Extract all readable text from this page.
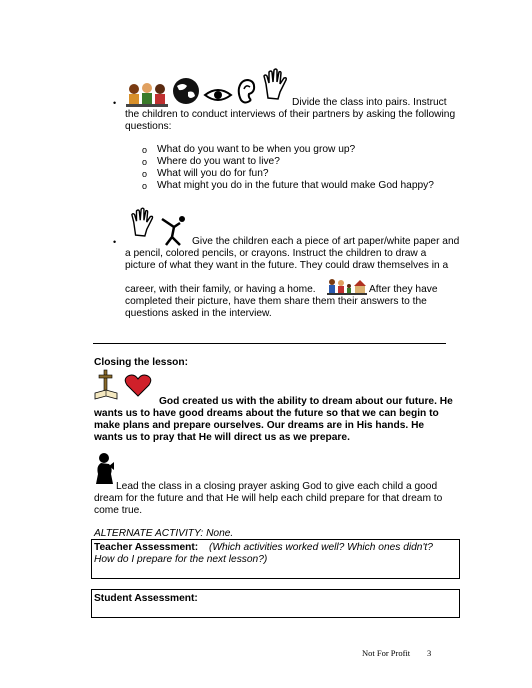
•	Divide the class into pairs. Instruct
the children to conduct interviews of their partners by asking the following
questions:
o What do you want to be when you grow up?
o Where do you want to live?
o What will you do for fun?
o What might you do in the future that would make God happy?
•	Give the children each a piece of art paper/white paper and
a pencil, colored pencils, or crayons. Instruct the children to draw a
picture of what they want in the future. They could draw themselves in a
career, with their family, or having a home.	After they have
completed their picture, have them share them their answers to the
questions asked in the interview.
Closing the lesson:
God created us with the ability to dream about our future. He
wants us to have good dreams about the future so that we can begin to
make plans and prepare ourselves. Our dreams are in His hands. He
wants us to pray that He will direct us as we prepare.
Lead the class in a closing prayer asking God to give each child a good
dream for the future and that He will help each child prepare for that dream to
come true.
ALTERNATE ACTIVITY: None.
Teacher Assessment: (Which activities worked well? Which ones didn't?
How do I prepare for the next lesson?)
Student Assessment:
Not For Profit 3
